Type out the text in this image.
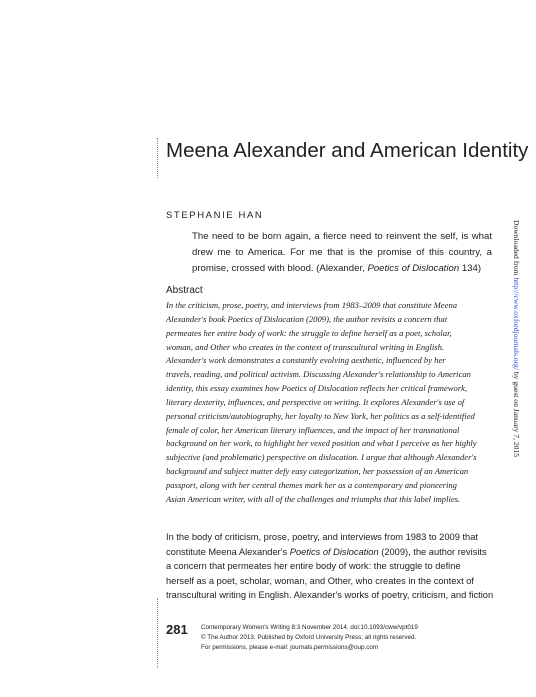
Meena Alexander and American Identity
STEPHANIE HAN
The need to be born again, a fierce need to reinvent the self, is what
drew me to America. For me that is the promise of this country, a
promise, crossed with blood. (Alexander, Poetics of Dislocation 134)
Abstract
In the criticism, prose, poetry, and interviews from 1983–2009 that constitute Meena
Alexander's book Poetics of Dislocation (2009), the author revisits a concern that
permeates her entire body of work: the struggle to define herself as a poet, scholar,
woman, and Other who creates in the context of transcultural writing in English.
Alexander's work demonstrates a constantly evolving aesthetic, influenced by her
travels, reading, and political activism. Discussing Alexander's relationship to American
identity, this essay examines how Poetics of Dislocation reflects her critical framework,
literary dexterity, influences, and perspective on writing. It explores Alexander's use of
personal criticism/autobiography, her loyalty to New York, her politics as a self-identified
female of color, her American literary influences, and the impact of her transnational
background on her work, to highlight her vexed position and what I perceive as her highly
subjective (and problematic) perspective on dislocation. I argue that although Alexander's
background and subject matter defy easy categorization, her possession of an American
passport, along with her central themes mark her as a contemporary and pioneering
Asian American writer, with all of the challenges and triumphs that this label implies.
In the body of criticism, prose, poetry, and interviews from 1983 to 2009 that
constitute Meena Alexander's Poetics of Dislocation (2009), the author revisits
a concern that permeates her entire body of work: the struggle to define
herself as a poet, scholar, woman, and Other, who creates in the context of
transcultural writing in English. Alexander's works of poetry, criticism, and fiction
281 Contemporary Women's Writing 8:3 November 2014. doi:10.1093/cww/vpt019
© The Author 2013. Published by Oxford University Press; all rights reserved.
For permissions, please e-mail: journals.permissions@oup.com
Downloaded from http://cww.oxfordjournals.org/ by guest on January 7, 2015
